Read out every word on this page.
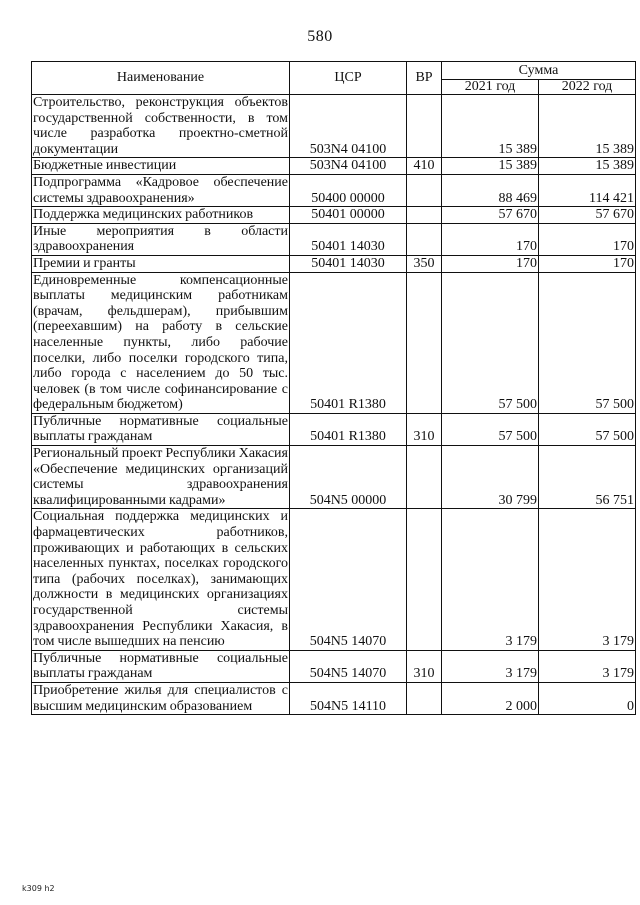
580
Наименование	ЦСР	ВР	Сумма	
			2021 год	2022 год
Строительство, реконструкция объектов государственной собственности, в том числе разработка проектно-сметной документации	503N4 04100		15 389	15 389
Бюджетные инвестиции	503N4 04100	410	15 389	15 389
Подпрограмма «Кадровое обеспечение системы здравоохранения»	50400 00000		88 469	114 421
Поддержка медицинских работников	50401 00000		57 670	57 670
Иные мероприятия в области здравоохранения	50401 14030		170	170
Премии и гранты	50401 14030	350	170	170
Единовременные компенсационные выплаты медицинским работникам (врачам, фельдшерам), прибывшим (переехавшим) на работу в сельские населенные пункты, либо рабочие поселки, либо поселки городского типа, либо города с населением до 50 тыс. человек (в том числе софинансирование с федеральным бюджетом)	50401 R1380		57 500	57 500
Публичные нормативные социальные выплаты гражданам	50401 R1380	310	57 500	57 500
Региональный проект Республики Хакасия «Обеспечение медицинских организаций системы здравоохранения квалифицированными кадрами»	504N5 00000		30 799	56 751
Социальная поддержка медицинских и фармацевтических работников, проживающих и работающих в сельских населенных пунктах, поселках городского типа (рабочих поселках), занимающих должности в медицинских организациях государственной системы здравоохранения Республики Хакасия, в том числе вышедших на пенсию	504N5 14070		3 179	3 179
Публичные нормативные социальные выплаты гражданам	504N5 14070	310	3 179	3 179
Приобретение жилья для специалистов с высшим медицинским образованием	504N5 14110		2 000	0
k309 h2
